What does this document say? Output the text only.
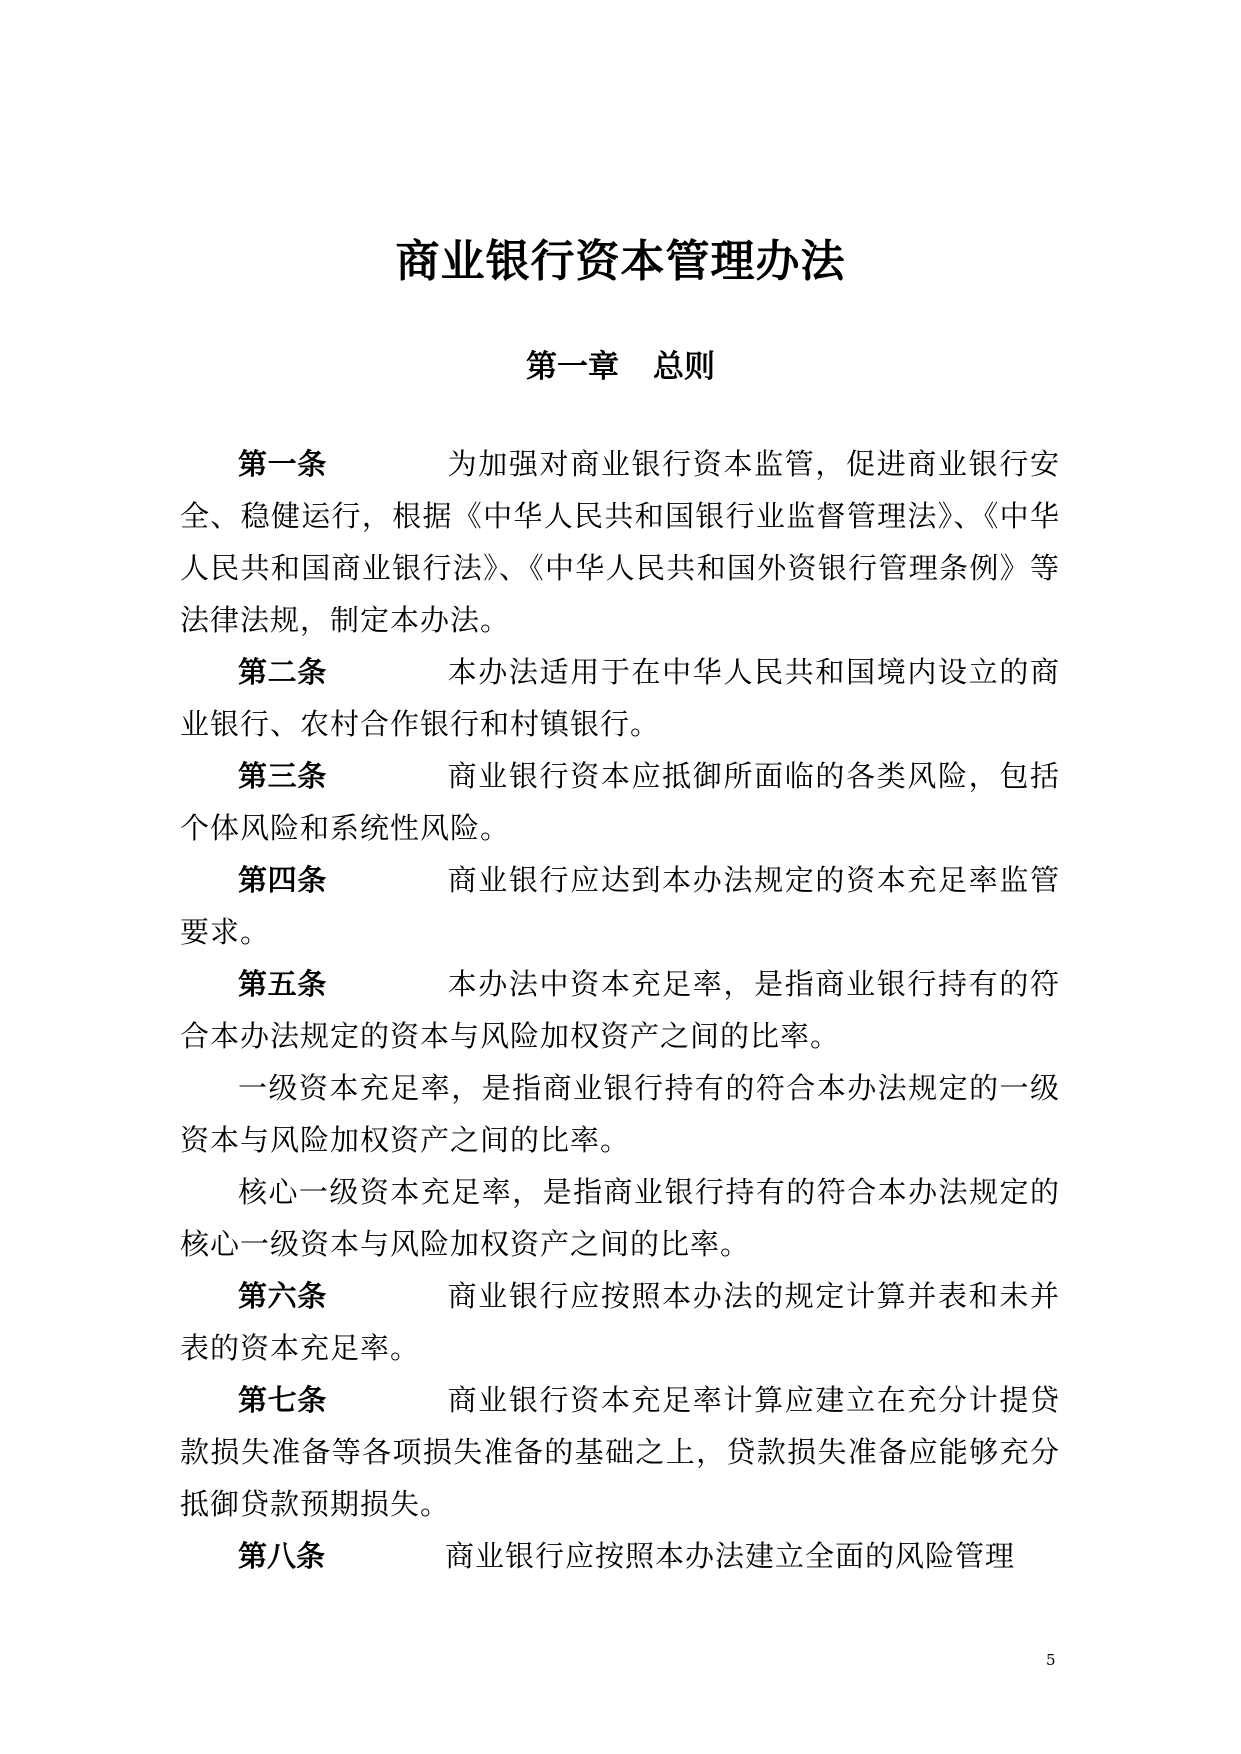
商业银行资本管理办法
第一章 总则

第一条	为加强对商业银行资本监管，促进商业银行安全、稳健运行，根据《中华人民共和国银行业监督管理法》、《中华人民共和国商业银行法》、《中华人民共和国外资银行管理条例》等法律法规，制定本办法。

第二条	本办法适用于在中华人民共和国境内设立的商业银行、农村合作银行和村镇银行。

第三条	商业银行资本应抵御所面临的各类风险，包括个体风险和系统性风险。

第四条	商业银行应达到本办法规定的资本充足率监管要求。

第五条	本办法中资本充足率，是指商业银行持有的符合本办法规定的资本与风险加权资产之间的比率。

一级资本充足率，是指商业银行持有的符合本办法规定的一级资本与风险加权资产之间的比率。

核心一级资本充足率，是指商业银行持有的符合本办法规定的核心一级资本与风险加权资产之间的比率。

第六条	商业银行应按照本办法的规定计算并表和未并表的资本充足率。

第七条	商业银行资本充足率计算应建立在充分计提贷款损失准备等各项损失准备的基础之上，贷款损失准备应能够充分抵御贷款预期损失。

第八条	商业银行应按照本办法建立全面的风险管理

5
